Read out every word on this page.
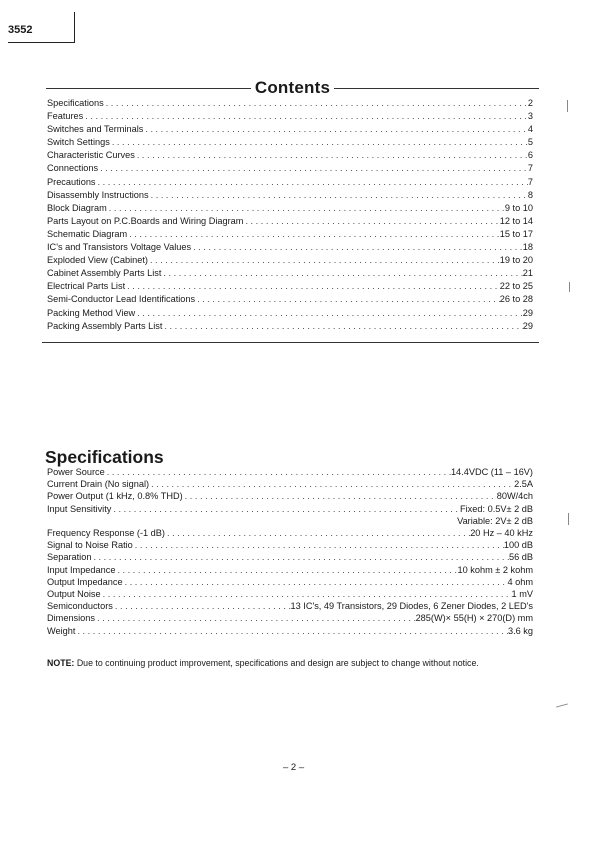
3552
Contents
Specifications . . .	2
Features . . .	3
Switches and Terminals . . .	4
Switch Settings . . .	5
Characteristic Curves . . .	6
Connections . . .	7
Precautions . . .	7
Disassembly Instructions . . .	8
Block Diagram . . .	9 to 10
Parts Layout on P.C.Boards and Wiring Diagram . . .	12 to 14
Schematic Diagram . . .	15 to 17
IC's and Transistors Voltage Values . . .	18
Exploded View (Cabinet) . . .	19 to 20
Cabinet Assembly Parts List . . .	21
Electrical Parts List . . .	22 to 25
Semi-Conductor Lead Identifications . . .	26 to 28
Packing Method View . . .	29
Packing Assembly Parts List . . .	29
Specifications
Power Source . . .	14.4VDC (11 – 16V)
Current Drain (No signal) . . .	2.5A
Power Output (1 kHz, 0.8% THD) . . .	80W/4ch
Input Sensitivity . . .	Fixed: 0.5V± 2 dB
Variable: 2V± 2 dB
Frequency Response (-1 dB) . . .	20 Hz – 40 kHz
Signal to Noise Ratio . . .	100 dB
Separation . . .	56 dB
Input Impedance . . .	10 kohm ± 2 kohm
Output Impedance . . .	4 ohm
Output Noise . . .	1 mV
Semiconductors . . .	13 IC's, 49 Transistors, 29 Diodes, 6 Zener Diodes, 2 LED's
Dimensions . . .	285(W)× 55(H) × 270(D) mm
Weight . . .	3.6 kg
NOTE: Due to continuing product improvement, specifications and design are subject to change without notice.
– 2 –
